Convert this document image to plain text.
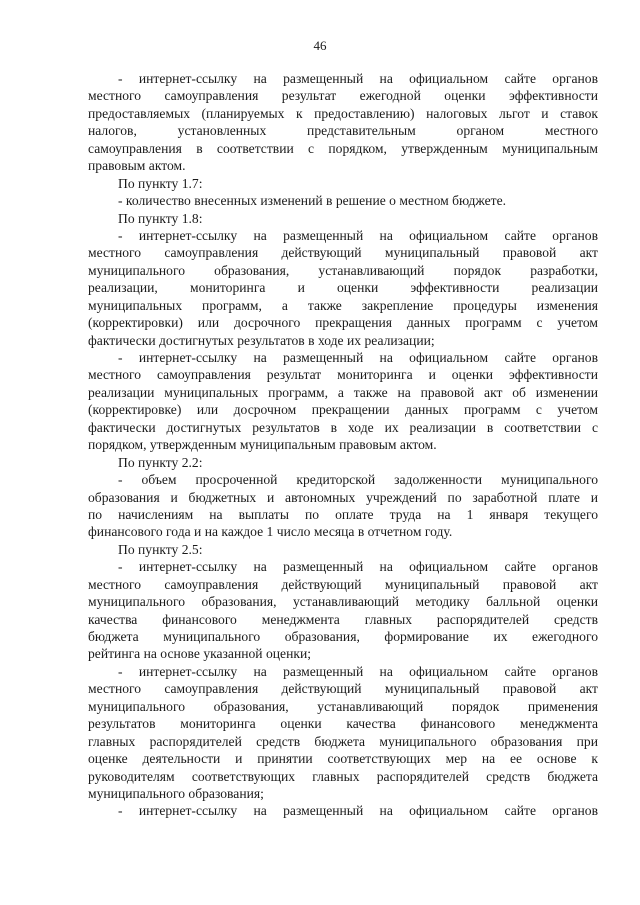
46
- интернет-ссылку на размещенный на официальном сайте органов
местного самоуправления результат ежегодной оценки эффективности
предоставляемых (планируемых к предоставлению) налоговых льгот и ставок
налогов, установленных представительным органом местного
самоуправления в соответствии с порядком, утвержденным муниципальным
правовым актом.
По пункту 1.7:
- количество внесенных изменений в решение о местном бюджете.
По пункту 1.8:
- интернет-ссылку на размещенный на официальном сайте органов
местного самоуправления действующий муниципальный правовой акт
муниципального образования, устанавливающий порядок разработки,
реализации, мониторинга и оценки эффективности реализации
муниципальных программ, а также закрепление процедуры изменения
(корректировки) или досрочного прекращения данных программ с учетом
фактически достигнутых результатов в ходе их реализации;
- интернет-ссылку на размещенный на официальном сайте органов
местного самоуправления результат мониторинга и оценки эффективности
реализации муниципальных программ, а также на правовой акт об изменении
(корректировке) или досрочном прекращении данных программ с учетом
фактически достигнутых результатов в ходе их реализации в соответствии с
порядком, утвержденным муниципальным правовым актом.
По пункту 2.2:
- объем просроченной кредиторской задолженности муниципального
образования и бюджетных и автономных учреждений по заработной плате и
по начислениям на выплаты по оплате труда на 1 января текущего
финансового года и на каждое 1 число месяца в отчетном году.
По пункту 2.5:
- интернет-ссылку на размещенный на официальном сайте органов
местного самоуправления действующий муниципальный правовой акт
муниципального образования, устанавливающий методику балльной оценки
качества финансового менеджмента главных распорядителей средств
бюджета муниципального образования, формирование их ежегодного
рейтинга на основе указанной оценки;
- интернет-ссылку на размещенный на официальном сайте органов
местного самоуправления действующий муниципальный правовой акт
муниципального образования, устанавливающий порядок применения
результатов мониторинга оценки качества финансового менеджмента
главных распорядителей средств бюджета муниципального образования при
оценке деятельности и принятии соответствующих мер на ее основе к
руководителям соответствующих главных распорядителей средств бюджета
муниципального образования;
- интернет-ссылку на размещенный на официальном сайте органов
